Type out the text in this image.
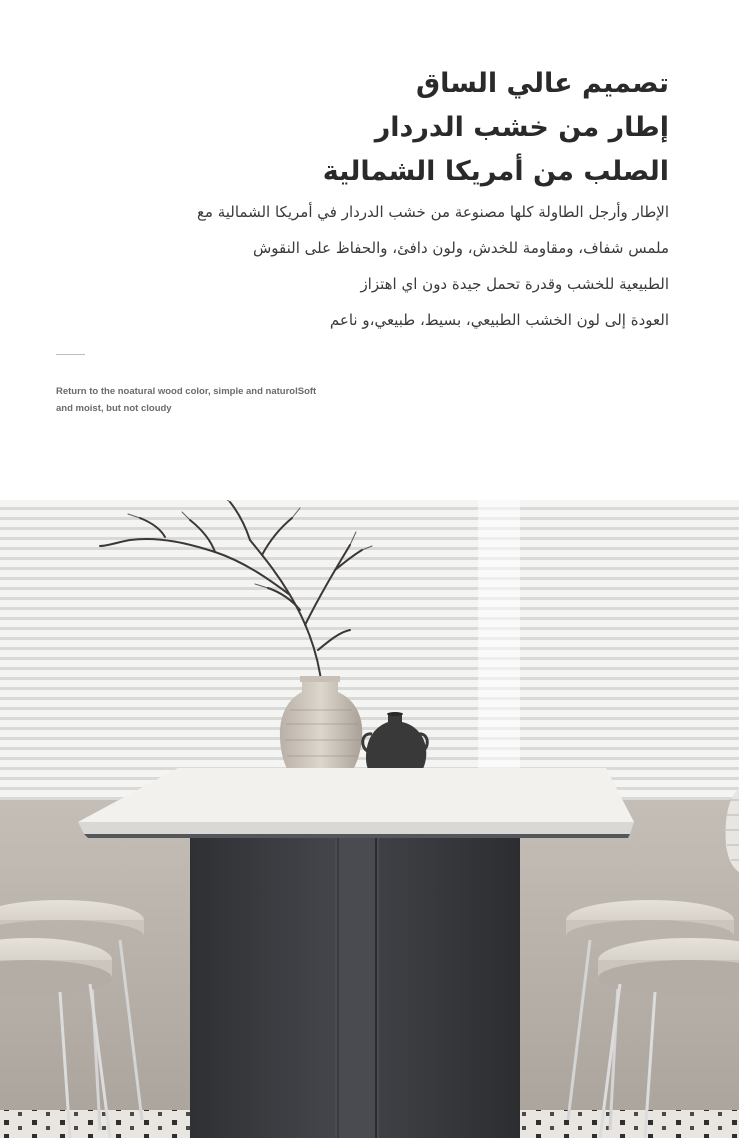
تصميم عالي الساق
إطار من خشب الدردار
الصلب من أمريكا الشمالية

الإطار وأرجل الطاولة كلها مصنوعة من خشب الدردار في أمريكا الشمالية مع
ملمس شفاف، ومقاومة للخدش، ولون دافئ، والحفاظ على النقوش
الطبيعية للخشب وقدرة تحمل جيدة دون اي اهتزاز
العودة إلى لون الخشب الطبيعي، بسيط، طبيعي،و ناعم

Return to the noatural wood color, simple and naturolSoft
and moist, but not cloudy
